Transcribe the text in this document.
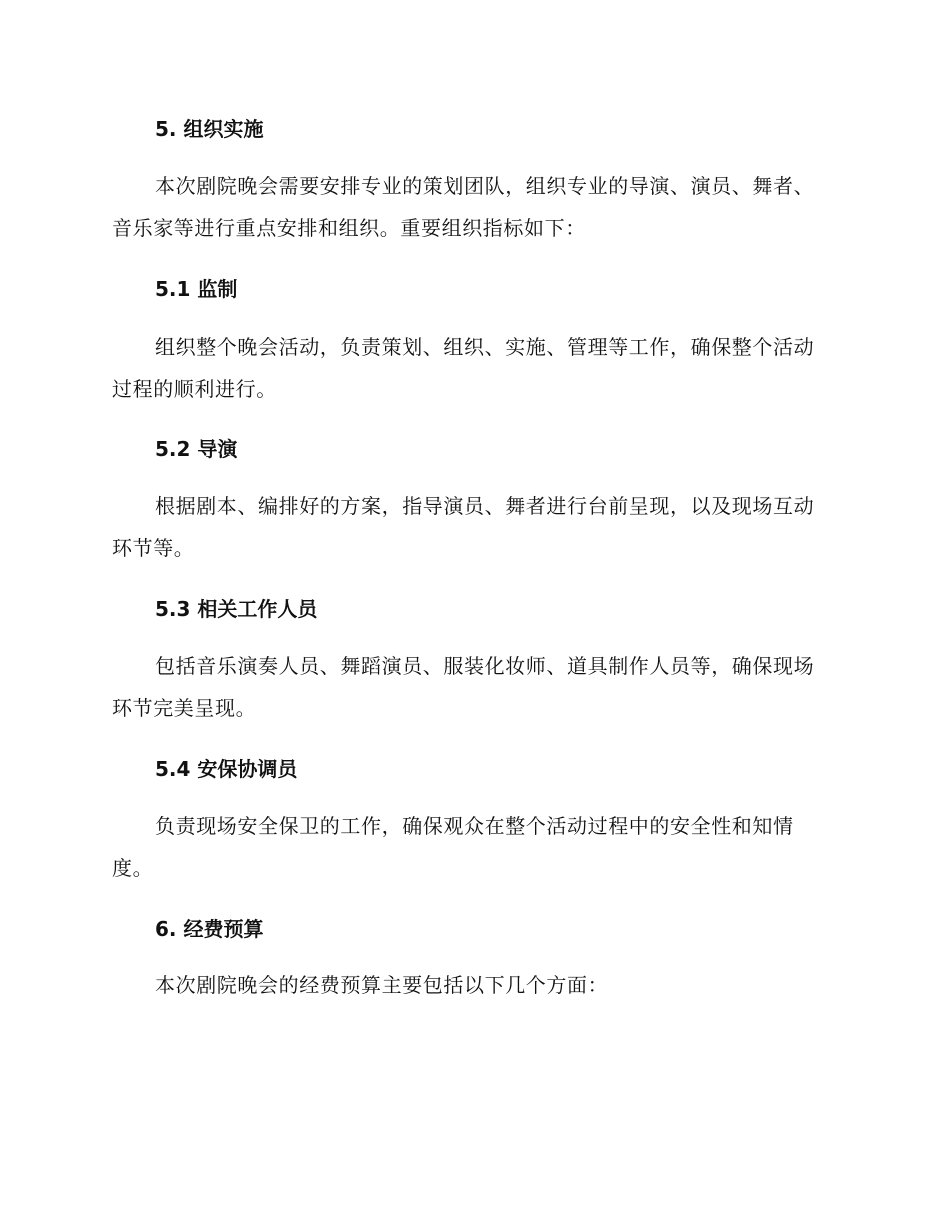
5. 组织实施

本次剧院晚会需要安排专业的策划团队，组织专业的导演、演员、舞者、音乐家等进行重点安排和组织。重要组织指标如下：

5.1 监制

组织整个晚会活动，负责策划、组织、实施、管理等工作，确保整个活动过程的顺利进行。

5.2 导演

根据剧本、编排好的方案，指导演员、舞者进行台前呈现，以及现场互动环节等。

5.3 相关工作人员

包括音乐演奏人员、舞蹈演员、服装化妆师、道具制作人员等，确保现场环节完美呈现。

5.4 安保协调员

负责现场安全保卫的工作，确保观众在整个活动过程中的安全性和知情度。

6. 经费预算

本次剧院晚会的经费预算主要包括以下几个方面：
